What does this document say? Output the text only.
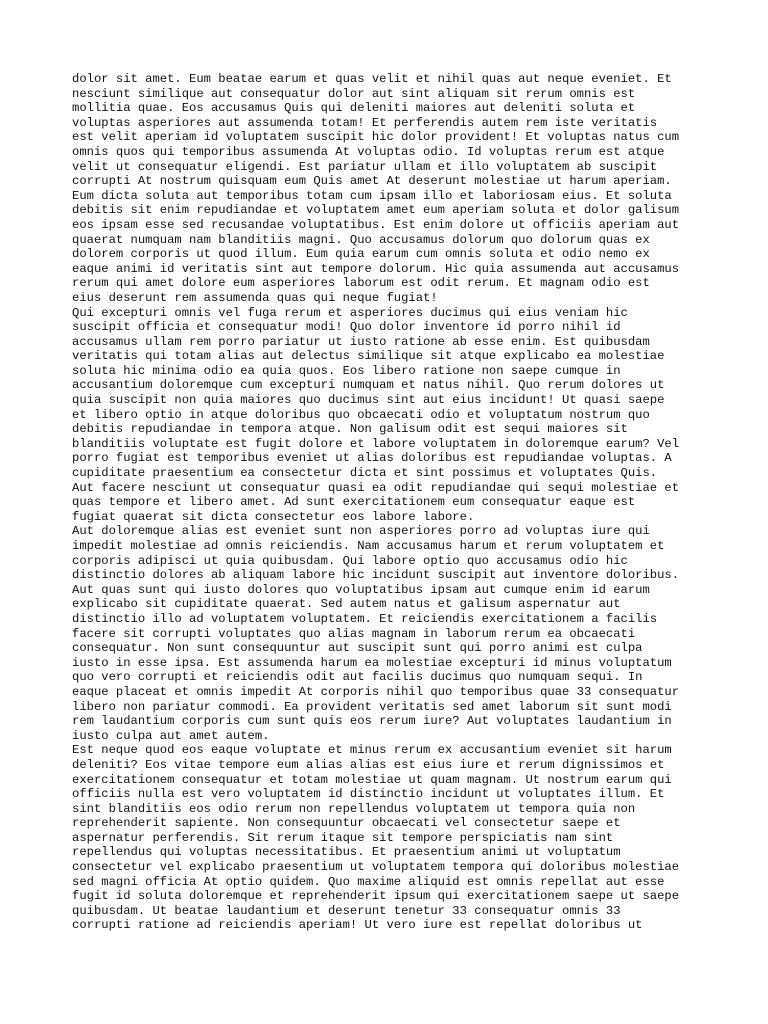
dolor sit amet. Eum beatae earum et quas velit et nihil quas aut neque eveniet. Et
nesciunt similique aut consequatur dolor aut sint aliquam sit rerum omnis est
mollitia quae. Eos accusamus Quis qui deleniti maiores aut deleniti soluta et
voluptas asperiores aut assumenda totam! Et perferendis autem rem iste veritatis
est velit aperiam id voluptatem suscipit hic dolor provident! Et voluptas natus cum
omnis quos qui temporibus assumenda At voluptas odio. Id voluptas rerum est atque
velit ut consequatur eligendi. Est pariatur ullam et illo voluptatem ab suscipit
corrupti At nostrum quisquam eum Quis amet At deserunt molestiae ut harum aperiam.
Eum dicta soluta aut temporibus totam cum ipsam illo et laboriosam eius. Et soluta
debitis sit enim repudiandae et voluptatem amet eum aperiam soluta et dolor galisum
eos ipsam esse sed recusandae voluptatibus. Est enim dolore ut officiis aperiam aut
quaerat numquam nam blanditiis magni. Quo accusamus dolorum quo dolorum quas ex
dolorem corporis ut quod illum. Eum quia earum cum omnis soluta et odio nemo ex
eaque animi id veritatis sint aut tempore dolorum. Hic quia assumenda aut accusamus
rerum qui amet dolore eum asperiores laborum est odit rerum. Et magnam odio est
eius deserunt rem assumenda quas qui neque fugiat!
Qui excepturi omnis vel fuga rerum et asperiores ducimus qui eius veniam hic
suscipit officia et consequatur modi! Quo dolor inventore id porro nihil id
accusamus ullam rem porro pariatur ut iusto ratione ab esse enim. Est quibusdam
veritatis qui totam alias aut delectus similique sit atque explicabo ea molestiae
soluta hic minima odio ea quia quos. Eos libero ratione non saepe cumque in
accusantium doloremque cum excepturi numquam et natus nihil. Quo rerum dolores ut
quia suscipit non quia maiores quo ducimus sint aut eius incidunt! Ut quasi saepe
et libero optio in atque doloribus quo obcaecati odio et voluptatum nostrum quo
debitis repudiandae in tempora atque. Non galisum odit est sequi maiores sit
blanditiis voluptate est fugit dolore et labore voluptatem in doloremque earum? Vel
porro fugiat est temporibus eveniet ut alias doloribus est repudiandae voluptas. A
cupiditate praesentium ea consectetur dicta et sint possimus et voluptates Quis.
Aut facere nesciunt ut consequatur quasi ea odit repudiandae qui sequi molestiae et
quas tempore et libero amet. Ad sunt exercitationem eum consequatur eaque est
fugiat quaerat sit dicta consectetur eos labore labore.
Aut doloremque alias est eveniet sunt non asperiores porro ad voluptas iure qui
impedit molestiae ad omnis reiciendis. Nam accusamus harum et rerum voluptatem et
corporis adipisci ut quia quibusdam. Qui labore optio quo accusamus odio hic
distinctio dolores ab aliquam labore hic incidunt suscipit aut inventore doloribus.
Aut quas sunt qui iusto dolores quo voluptatibus ipsam aut cumque enim id earum
explicabo sit cupiditate quaerat. Sed autem natus et galisum aspernatur aut
distinctio illo ad voluptatem voluptatem. Et reiciendis exercitationem a facilis
facere sit corrupti voluptates quo alias magnam in laborum rerum ea obcaecati
consequatur. Non sunt consequuntur aut suscipit sunt qui porro animi est culpa
iusto in esse ipsa. Est assumenda harum ea molestiae excepturi id minus voluptatum
quo vero corrupti et reiciendis odit aut facilis ducimus quo numquam sequi. In
eaque placeat et omnis impedit At corporis nihil quo temporibus quae 33 consequatur
libero non pariatur commodi. Ea provident veritatis sed amet laborum sit sunt modi
rem laudantium corporis cum sunt quis eos rerum iure? Aut voluptates laudantium in
iusto culpa aut amet autem.
Est neque quod eos eaque voluptate et minus rerum ex accusantium eveniet sit harum
deleniti? Eos vitae tempore eum alias alias est eius iure et rerum dignissimos et
exercitationem consequatur et totam molestiae ut quam magnam. Ut nostrum earum qui
officiis nulla est vero voluptatem id distinctio incidunt ut voluptates illum. Et
sint blanditiis eos odio rerum non repellendus voluptatem ut tempora quia non
reprehenderit sapiente. Non consequuntur obcaecati vel consectetur saepe et
aspernatur perferendis. Sit rerum itaque sit tempore perspiciatis nam sint
repellendus qui voluptas necessitatibus. Et praesentium animi ut voluptatum
consectetur vel explicabo praesentium ut voluptatem tempora qui doloribus molestiae
sed magni officia At optio quidem. Quo maxime aliquid est omnis repellat aut esse
fugit id soluta doloremque et reprehenderit ipsum qui exercitationem saepe ut saepe
quibusdam. Ut beatae laudantium et deserunt tenetur 33 consequatur omnis 33
corrupti ratione ad reiciendis aperiam! Ut vero iure est repellat doloribus ut
